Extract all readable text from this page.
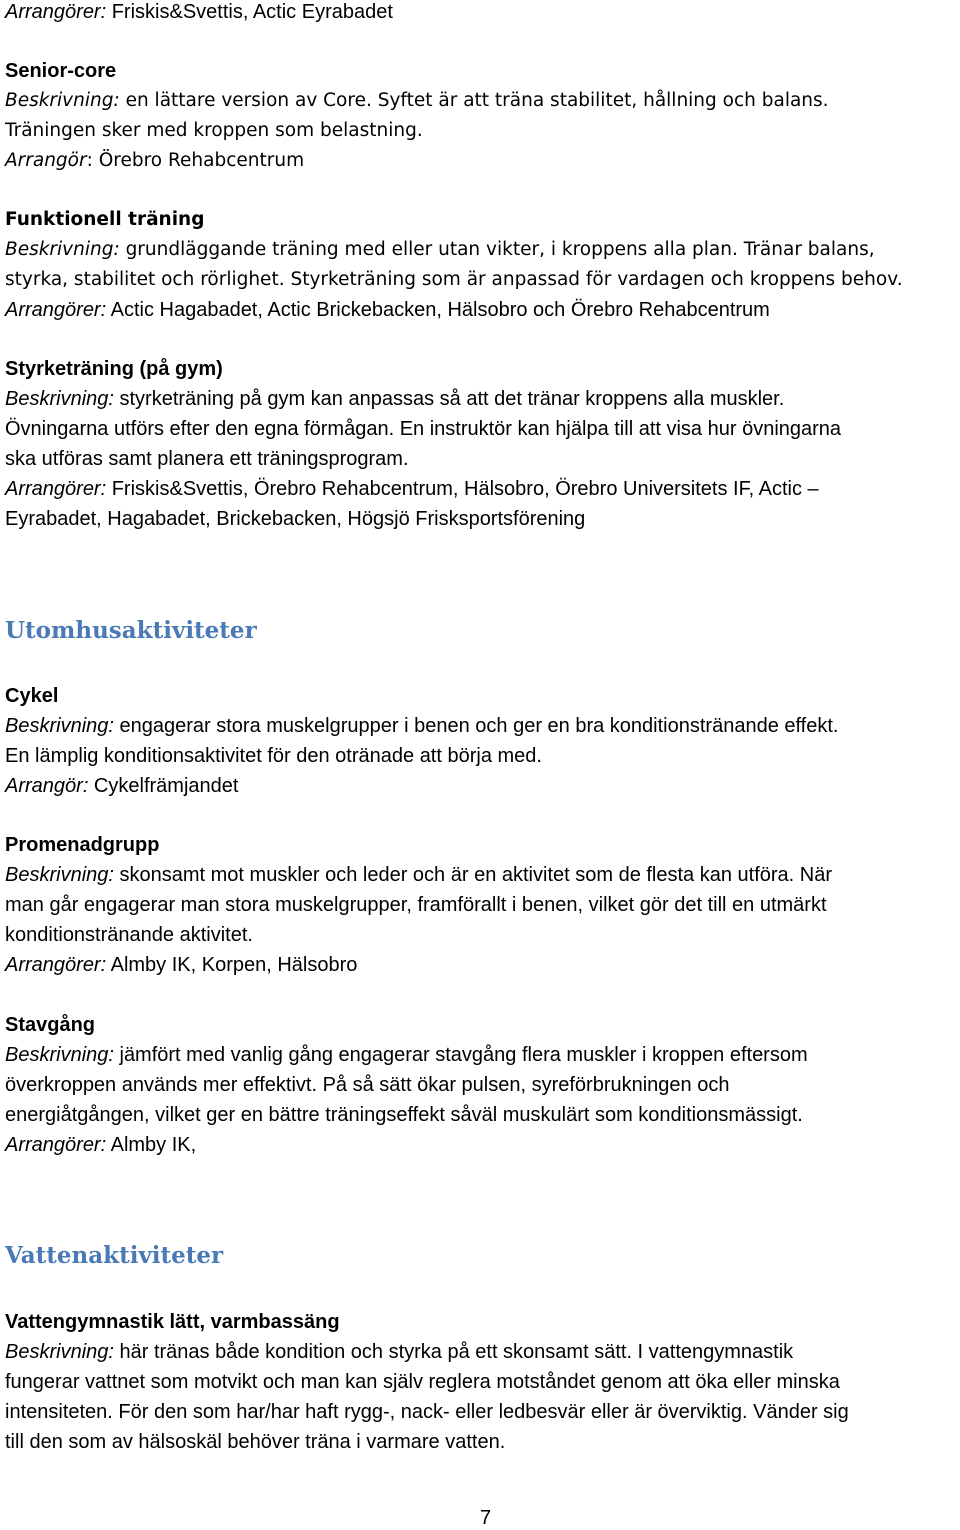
Arrangörer: Friskis&Svettis, Actic Eyrabadet
Senior-core
Beskrivning: en lättare version av Core. Syftet är att träna stabilitet, hållning och balans.
Träningen sker med kroppen som belastning.
Arrangör: Örebro Rehabcentrum
Funktionell träning
Beskrivning: grundläggande träning med eller utan vikter, i kroppens alla plan. Tränar balans,
styrka, stabilitet och rörlighet. Styrketräning som är anpassad för vardagen och kroppens behov.
Arrangörer: Actic Hagabadet, Actic Brickebacken, Hälsobro och Örebro Rehabcentrum
Styrketräning (på gym)
Beskrivning: styrketräning på gym kan anpassas så att det tränar kroppens alla muskler.
Övningarna utförs efter den egna förmågan. En instruktör kan hjälpa till att visa hur övningarna
ska utföras samt planera ett träningsprogram.
Arrangörer: Friskis&Svettis, Örebro Rehabcentrum, Hälsobro, Örebro Universitets IF, Actic –
Eyrabadet, Hagabadet, Brickebacken, Högsjö Frisksportsförening
Utomhusaktiviteter
Cykel
Beskrivning: engagerar stora muskelgrupper i benen och ger en bra konditionstränande effekt.
En lämplig konditionsaktivitet för den otränade att börja med.
Arrangör: Cykelfrämjandet
Promenadgrupp
Beskrivning: skonsamt mot muskler och leder och är en aktivitet som de flesta kan utföra. När
man går engagerar man stora muskelgrupper, framförallt i benen, vilket gör det till en utmärkt
konditionstränande aktivitet.
Arrangörer: Almby IK, Korpen, Hälsobro
Stavgång
Beskrivning: jämfört med vanlig gång engagerar stavgång flera muskler i kroppen eftersom
överkroppen används mer effektivt. På så sätt ökar pulsen, syreförbrukningen och
energiåtgången, vilket ger en bättre träningseffekt såväl muskulärt som konditionsmässigt.
Arrangörer: Almby IK,
Vattenaktiviteter
Vattengymnastik lätt, varmbassäng
Beskrivning: här tränas både kondition och styrka på ett skonsamt sätt. I vattengymnastik
fungerar vattnet som motvikt och man kan själv reglera motståndet genom att öka eller minska
intensiteten. För den som har/har haft rygg-, nack- eller ledbesvär eller är överviktig. Vänder sig
till den som av hälsoskäl behöver träna i varmare vatten.
7
